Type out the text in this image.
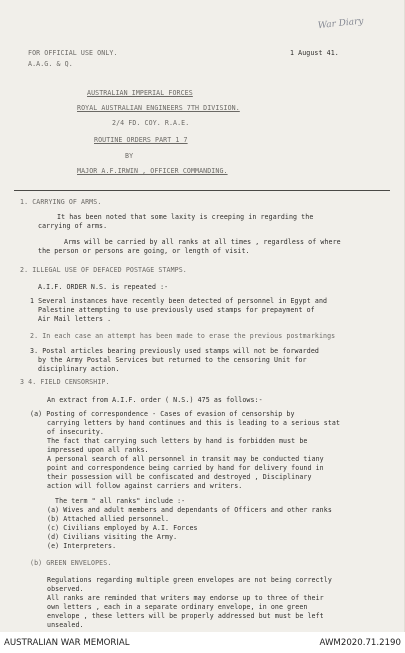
War Diary
FOR OFFICIAL USE ONLY.	1 August 41.
A.A.G. & Q.
AUSTRALIAN IMPERIAL FORCES
ROYAL AUSTRALIAN ENGINEERS 7TH DIVISION.
2/4 FD. COY. R.A.E.
ROUTINE ORDERS PART 1 7
BY
MAJOR A.F.IRWIN , OFFICER COMMANDING.
1. CARRYING OF ARMS.
It has been noted that some laxity is creeping in regarding the
carrying of arms.
Arms will be carried by all ranks at all times , regardless of where
the person or persons are going, or length of visit.
2. ILLEGAL USE OF DEFACED POSTAGE STAMPS.
A.I.F. ORDER N.S. is repeated :-
1 Several instances have recently been detected of personnel in Egypt and
Palestine attempting to use previously used stamps for prepayment of
Air Mail letters .
2. In each case an attempt has been made to erase the previous postmarkings
3. Postal articles bearing previously used stamps will not be forwarded
by the Army Postal Services but returned to the censoring Unit for
disciplinary action.
3 4. FIELD CENSORSHIP.
An extract from A.I.F. order ( N.S.) 475 as follows:-
(a) Posting of correspondence - Cases of evasion of censorship by
carrying letters by hand continues and this is leading to a serious stat
of insecurity.
The fact that carrying such letters by hand is forbidden must be
impressed upon all ranks.
A personal search of all personnel in transit may be conducted tiany
point and correspondence being carried by hand for delivery found in
their possession will be confiscated and destroyed , Disciplinary
action will follow against carriers and writers.
The term " all ranks" include :-
(a) Wives and adult members and dependants of Officers and other ranks
(b) Attached allied personnel.
(c) Civilians employed by A.I. Forces
(d) Civilians visiting the Army.
(e) Interpreters.
(b) GREEN ENVELOPES.
Regulations regarding multiple green envelopes are not being correctly
observed.
All ranks are reminded that writers may endorse up to three of their
own letters , each in a separate ordinary envelope, in one green
envelope , these letters will be properly addressed but must be left
unsealed.
AUSTRALIAN WAR MEMORIAL	AWM2020.71.2190
